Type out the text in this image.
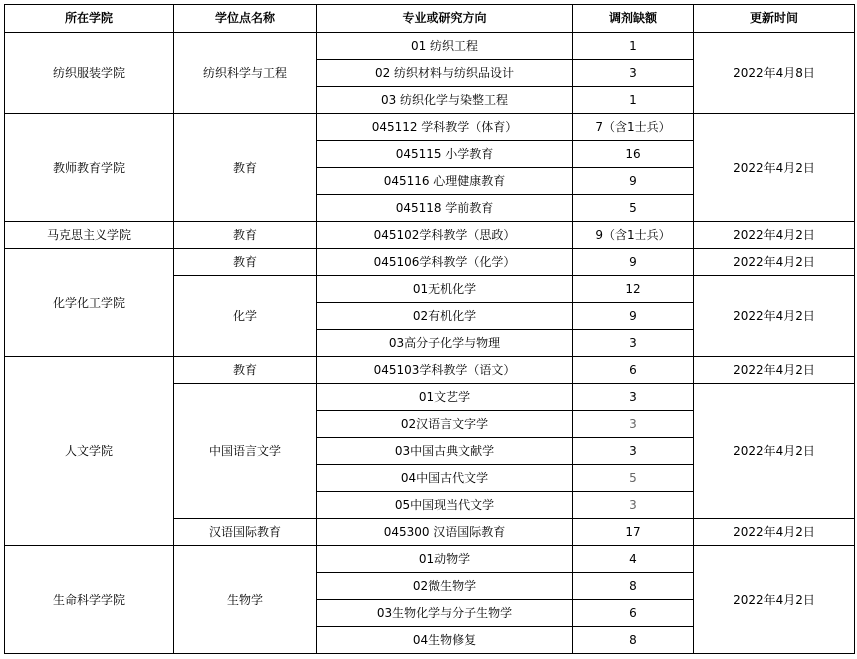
所在学院	学位点名称	专业或研究方向	调剂缺额	更新时间
纺织服装学院	纺织科学与工程	01 纺织工程	1	2022年4月8日
		02 纺织材料与纺织品设计	3	
		03 纺织化学与染整工程	1	
教师教育学院	教育	045112 学科教学（体育）	7（含1士兵）	2022年4月2日
		045115 小学教育	16	
		045116 心理健康教育	9	
		045118 学前教育	5	
马克思主义学院	教育	045102学科教学（思政）	9（含1士兵）	2022年4月2日
化学化工学院	教育	045106学科教学（化学）	9	2022年4月2日
	化学	01无机化学	12	2022年4月2日
		02有机化学	9	
		03高分子化学与物理	3	
人文学院	教育	045103学科教学（语文）	6	2022年4月2日
	中国语言文学	01文艺学	3	2022年4月2日
		02汉语言文字学	3	
		03中国古典文献学	3	
		04中国古代文学	5	
		05中国现当代文学	3	
	汉语国际教育	045300 汉语国际教育	17	2022年4月2日
生命科学学院	生物学	01动物学	4	2022年4月2日
		02微生物学	8	
		03生物化学与分子生物学	6	
		04生物修复	8	
